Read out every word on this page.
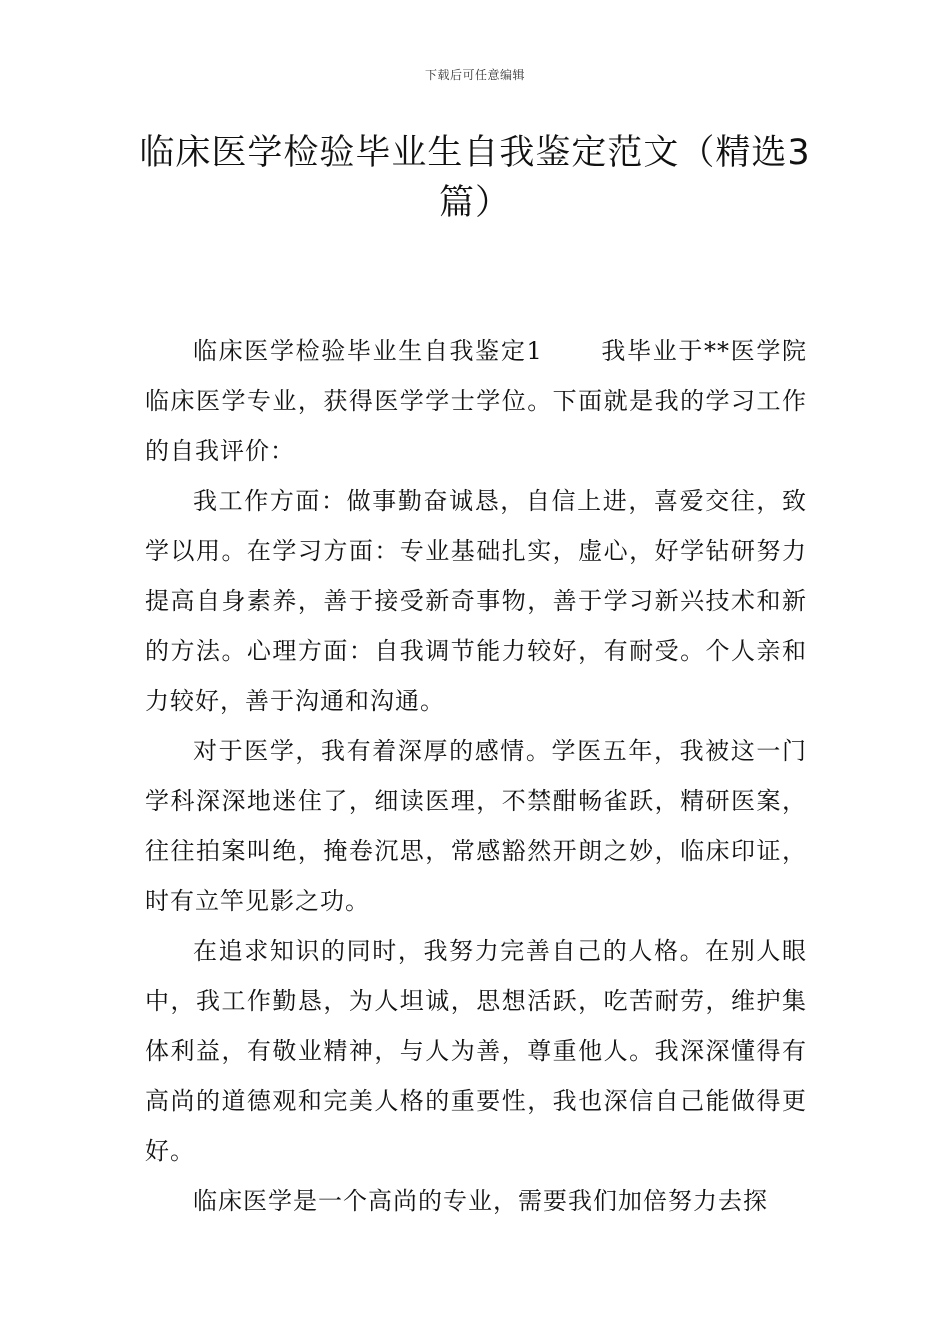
下载后可任意编辑
临床医学检验毕业生自我鉴定范文（精选3篇）

临床医学检验毕业生自我鉴定1 我毕业于**医学院临床医学专业，获得医学学士学位。下面就是我的学习工作的自我评价：

我工作方面：做事勤奋诚恳，自信上进，喜爱交往，致学以用。在学习方面：专业基础扎实，虚心，好学钻研努力提高自身素养，善于接受新奇事物，善于学习新兴技术和新的方法。心理方面：自我调节能力较好，有耐受。个人亲和力较好，善于沟通和沟通。

对于医学，我有着深厚的感情。学医五年，我被这一门学科深深地迷住了，细读医理，不禁酣畅雀跃，精研医案，往往拍案叫绝，掩卷沉思，常感豁然开朗之妙，临床印证，时有立竿见影之功。

在追求知识的同时，我努力完善自己的人格。在别人眼中，我工作勤恳，为人坦诚，思想活跃，吃苦耐劳，维护集体利益，有敬业精神，与人为善，尊重他人。我深深懂得有高尚的道德观和完美人格的重要性，我也深信自己能做得更好。

临床医学是一个高尚的专业，需要我们加倍努力去探
